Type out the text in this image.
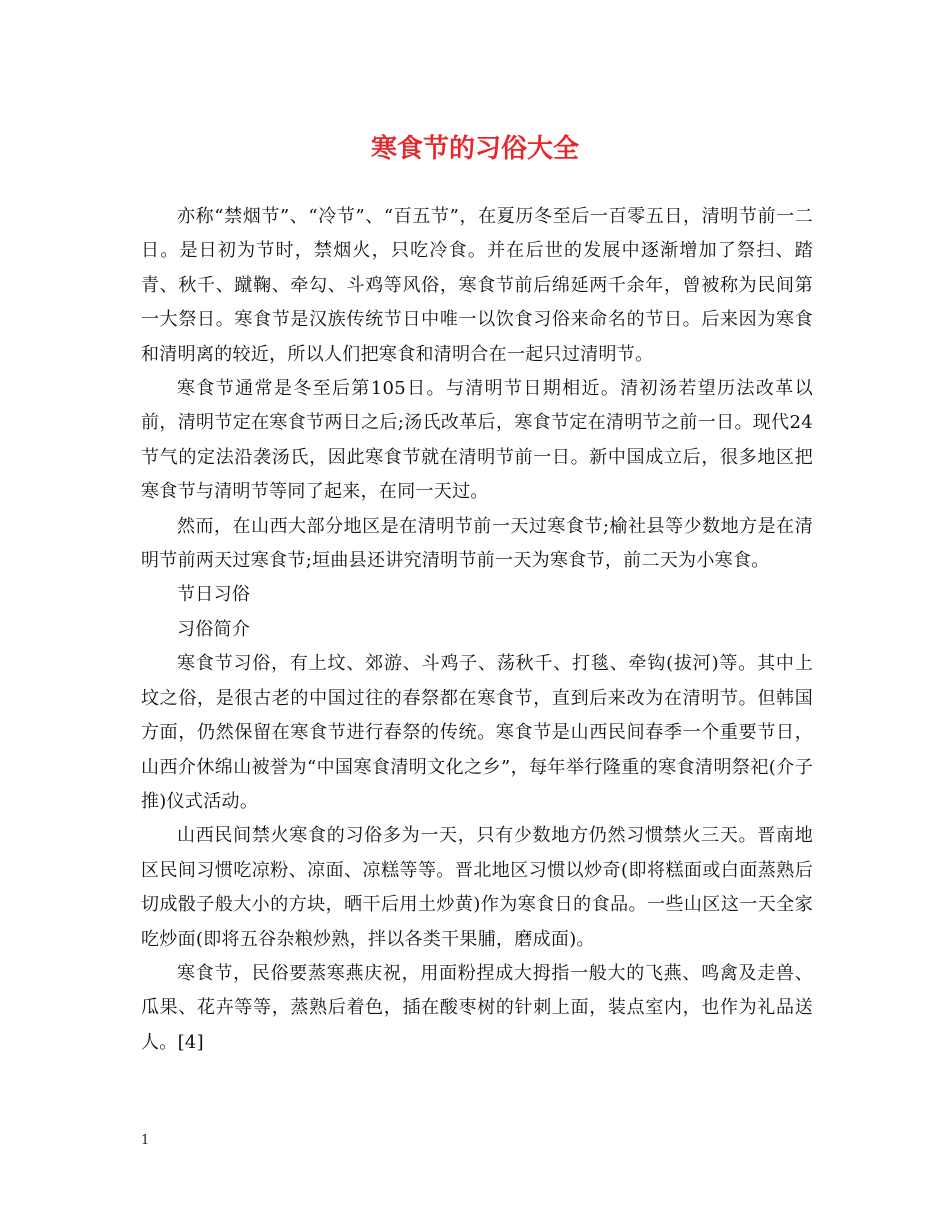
寒食节的习俗大全

亦称“禁烟节”、“冷节”、“百五节”，在夏历冬至后一百零五日，清明节前一二日。是日初为节时，禁烟火，只吃冷食。并在后世的发展中逐渐增加了祭扫、踏青、秋千、蹴鞠、牵勾、斗鸡等风俗，寒食节前后绵延两千余年，曾被称为民间第一大祭日。寒食节是汉族传统节日中唯一以饮食习俗来命名的节日。后来因为寒食和清明离的较近，所以人们把寒食和清明合在一起只过清明节。

寒食节通常是冬至后第105日。与清明节日期相近。清初汤若望历法改革以前，清明节定在寒食节两日之后;汤氏改革后，寒食节定在清明节之前一日。现代24节气的定法沿袭汤氏，因此寒食节就在清明节前一日。新中国成立后，很多地区把寒食节与清明节等同了起来，在同一天过。

然而，在山西大部分地区是在清明节前一天过寒食节;榆社县等少数地方是在清明节前两天过寒食节;垣曲县还讲究清明节前一天为寒食节，前二天为小寒食。

节日习俗

习俗简介

寒食节习俗，有上坟、郊游、斗鸡子、荡秋千、打毯、牵钩(拔河)等。其中上坟之俗，是很古老的中国过往的春祭都在寒食节，直到后来改为在清明节。但韩国方面，仍然保留在寒食节进行春祭的传统。寒食节是山西民间春季一个重要节日，山西介休绵山被誉为“中国寒食清明文化之乡”，每年举行隆重的寒食清明祭祀(介子推)仪式活动。

山西民间禁火寒食的习俗多为一天，只有少数地方仍然习惯禁火三天。晋南地区民间习惯吃凉粉、凉面、凉糕等等。晋北地区习惯以炒奇(即将糕面或白面蒸熟后切成骰子般大小的方块，晒干后用土炒黄)作为寒食日的食品。一些山区这一天全家吃炒面(即将五谷杂粮炒熟，拌以各类干果脯，磨成面)。

寒食节，民俗要蒸寒燕庆祝，用面粉捏成大拇指一般大的飞燕、鸣禽及走兽、瓜果、花卉等等，蒸熟后着色，插在酸枣树的针刺上面，装点室内，也作为礼品送人。[4]

1
